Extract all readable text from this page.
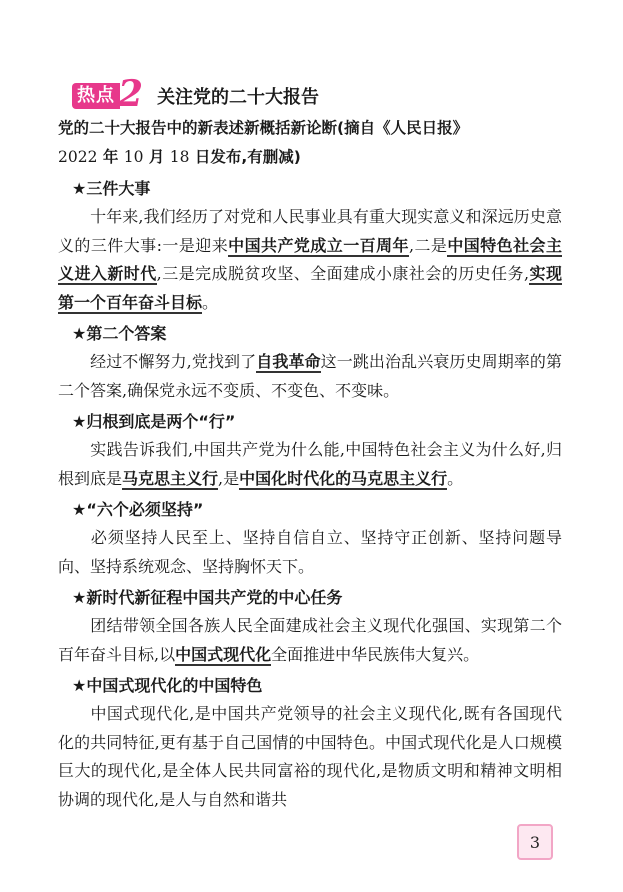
热点 2 关注党的二十大报告
党的二十大报告中的新表述新概括新论断(摘自《人民日报》
2022 年 10 月 18 日发布,有删减)
★三件大事
十年来,我们经历了对党和人民事业具有重大现实意义和深远历史意义的三件大事:一是迎来中国共产党成立一百周年,二是中国特色社会主义进入新时代,三是完成脱贫攻坚、全面建成小康社会的历史任务,实现第一个百年奋斗目标。
★第二个答案
经过不懈努力,党找到了自我革命这一跳出治乱兴衰历史周期率的第二个答案,确保党永远不变质、不变色、不变味。
★归根到底是两个“行”
实践告诉我们,中国共产党为什么能,中国特色社会主义为什么好,归根到底是马克思主义行,是中国化时代化的马克思主义行。
★“六个必须坚持”
必须坚持人民至上、坚持自信自立、坚持守正创新、坚持问题导向、坚持系统观念、坚持胸怀天下。
★新时代新征程中国共产党的中心任务
团结带领全国各族人民全面建成社会主义现代化强国、实现第二个百年奋斗目标,以中国式现代化全面推进中华民族伟大复兴。
★中国式现代化的中国特色
中国式现代化,是中国共产党领导的社会主义现代化,既有各国现代化的共同特征,更有基于自己国情的中国特色。中国式现代化是人口规模巨大的现代化,是全体人民共同富裕的现代化,是物质文明和精神文明相协调的现代化,是人与自然和谐共
3
